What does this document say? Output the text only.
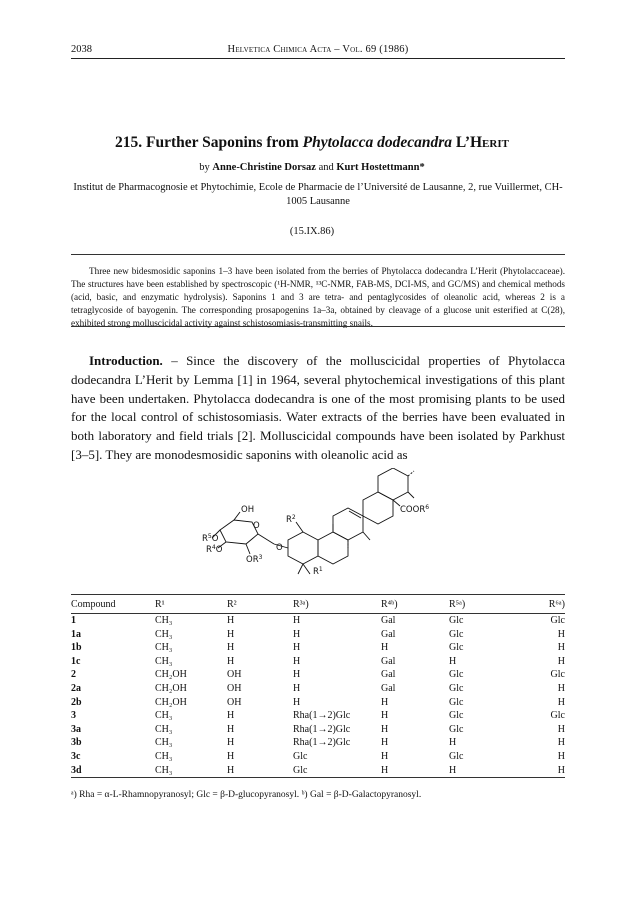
2038	Helvetica Chimica Acta – Vol. 69 (1986)
215. Further Saponins from Phytolacca dodecandra L’Herit
by Anne-Christine Dorsaz and Kurt Hostettmann*
Institut de Pharmacognosie et Phytochimie, Ecole de Pharmacie de l’Université de Lausanne, 2, rue Vuillermet, CH-1005 Lausanne
(15.IX.86)
Three new bidesmosidic saponins 1–3 have been isolated from the berries of Phytolacca dodecandra L’Herit (Phytolaccaceae). The structures have been established by spectroscopic (¹H-NMR, ¹³C-NMR, FAB-MS, DCI-MS, and GC/MS) and chemical methods (acid, basic, and enzymatic hydrolysis). Saponins 1 and 3 are tetra- and pentaglycosides of oleanolic acid, whereas 2 is a tetraglycoside of bayogenin. The corresponding prosapogenins 1a–3a, obtained by cleavage of a glucose unit esterified at C(28), exhibited strong molluscicidal activity against schistosomiasis-transmitting snails.
Introduction. – Since the discovery of the molluscicidal properties of Phytolacca dodecandra L’Herit by Lemma [1] in 1964, several phytochemical investigations of this plant have been undertaken. Phytolacca dodecandra is one of the most promising plants to be used for the local control of schistosomiasis. Water extracts of the berries have been evaluated in both laboratory and field trials [2]. Molluscicidal compounds have been isolated by Parkhust [3–5]. They are monodesmosidic saponins with oleanolic acid as
OH
O
O
$R^5O$
$R^4O$
$OR^3$
$R^2$
$R^1$
COOR$^6$
Compound	R¹	R²	R³ᵃ)	R⁴ᵇ)	R⁵ᵃ)	R⁶ᵃ)
1	CH₃	H	H	Gal	Glc	Glc
1a	CH₃	H	H	Gal	Glc	H
1b	CH₃	H	H	H	Glc	H
1c	CH₃	H	H	Gal	H	H
2	CH₂OH	OH	H	Gal	Glc	Glc
2a	CH₂OH	OH	H	Gal	Glc	H
2b	CH₂OH	OH	H	H	Glc	H
3	CH₃	H	Rha(1→2)Glc	H	Glc	Glc
3a	CH₃	H	Rha(1→2)Glc	H	Glc	H
3b	CH₃	H	Rha(1→2)Glc	H	H	H
3c	CH₃	H	Glc	H	Glc	H
3d	CH₃	H	Glc	H	H	H
ᵃ) Rha = α-L-Rhamnopyranosyl; Glc = β-D-glucopyranosyl. ᵇ) Gal = β-D-Galactopyranosyl.
